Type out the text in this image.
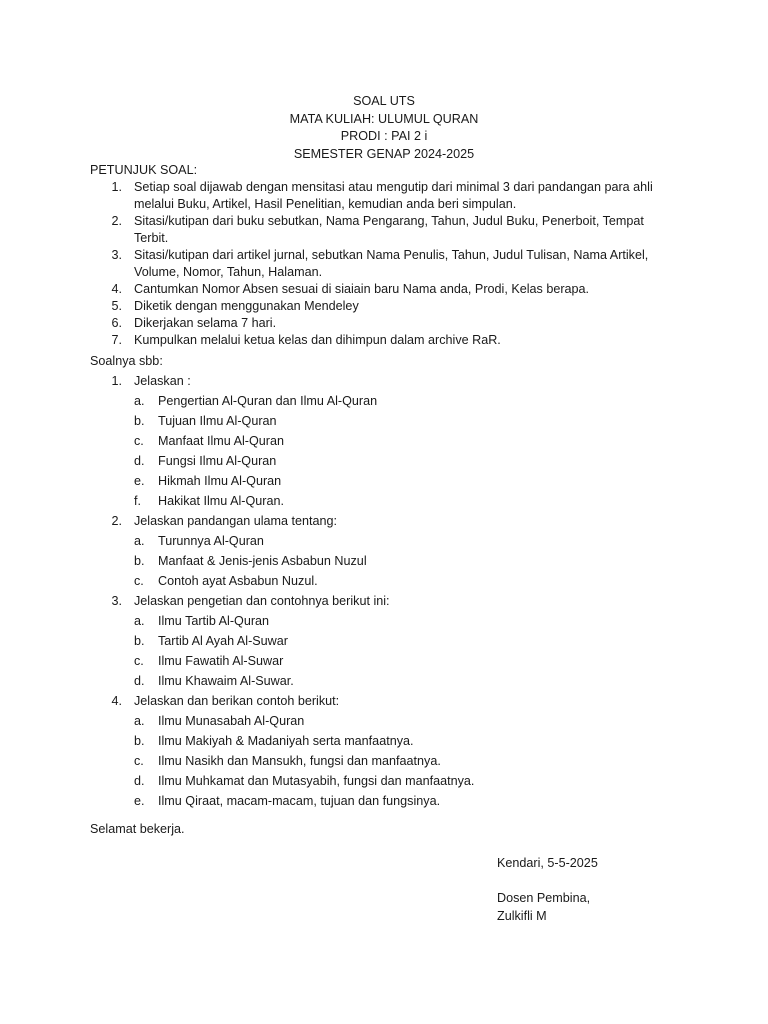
SOAL UTS
MATA KULIAH: ULUMUL QURAN
PRODI : PAI 2 i
SEMESTER GENAP 2024-2025
PETUNJUK SOAL:
1. Setiap soal dijawab dengan mensitasi atau mengutip dari minimal 3 dari pandangan para ahli melalui Buku, Artikel, Hasil Penelitian, kemudian anda beri simpulan.
2. Sitasi/kutipan dari buku sebutkan, Nama Pengarang, Tahun, Judul Buku, Penerboit, Tempat Terbit.
3. Sitasi/kutipan dari artikel jurnal, sebutkan Nama Penulis, Tahun, Judul Tulisan, Nama Artikel, Volume, Nomor, Tahun, Halaman.
4. Cantumkan Nomor Absen sesuai di siaiain baru Nama anda, Prodi, Kelas berapa.
5. Diketik dengan menggunakan Mendeley
6. Dikerjakan selama 7 hari.
7. Kumpulkan melalui ketua kelas dan dihimpun dalam archive RaR.
Soalnya sbb:
1. Jelaskan :
a.	Pengertian Al-Quran dan Ilmu Al-Quran
b.	Tujuan Ilmu Al-Quran
c.	Manfaat Ilmu Al-Quran
d.	Fungsi Ilmu Al-Quran
e.	Hikmah Ilmu Al-Quran
f.	Hakikat Ilmu Al-Quran.
2. Jelaskan pandangan ulama tentang:
a.	Turunnya Al-Quran
b.	Manfaat & Jenis-jenis Asbabun Nuzul
c.	Contoh ayat Asbabun Nuzul.
3. Jelaskan pengetian dan contohnya berikut ini:
a.	Ilmu Tartib Al-Quran
b.	Tartib Al Ayah Al-Suwar
c.	Ilmu Fawatih Al-Suwar
d.	Ilmu Khawaim Al-Suwar.
4. Jelaskan dan berikan contoh berikut:
a.	Ilmu Munasabah Al-Quran
b.	Ilmu Makiyah & Madaniyah serta manfaatnya.
c.	Ilmu Nasikh dan Mansukh, fungsi dan manfaatnya.
d.	Ilmu Muhkamat dan Mutasyabih, fungsi dan manfaatnya.
e.	Ilmu Qiraat, macam-macam, tujuan dan fungsinya.
Selamat bekerja.
Kendari, 5-5-2025
Dosen Pembina,
Zulkifli M
